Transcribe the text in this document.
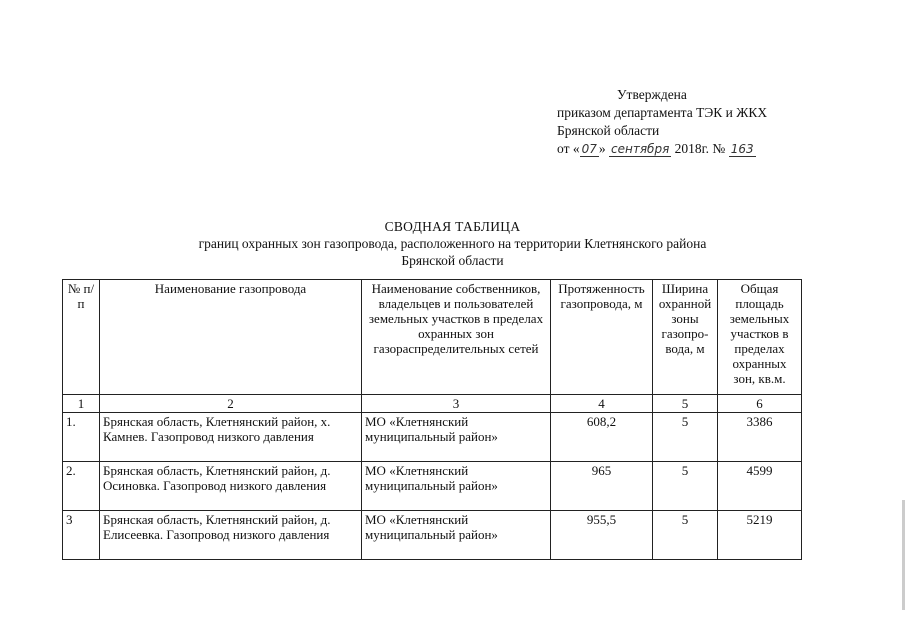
Утверждена
приказом департамента ТЭК и ЖКХ
Брянской области
от « 07 » сентября 2018г. № 163
СВОДНАЯ ТАБЛИЦА
границ охранных зон газопровода, расположенного на территории Клетнянского района
Брянской области
№ п/п	Наименование газопровода	Наименование собственников, владельцев и пользователей земельных участков в пределах охранных зон газораспределительных сетей	Протяженность газопровода, м	Ширина охранной зоны газопро-вода, м	Общая площадь земельных участков в пределах охранных зон, кв.м.
1	2	3	4	5	6
1.	Брянская область, Клетнянский район, х. Камнев. Газопровод низкого давления	МО «Клетнянский муниципальный район»	608,2	5	3386
2.	Брянская область, Клетнянский район, д. Осиновка. Газопровод низкого давления	МО «Клетнянский муниципальный район»	965	5	4599
3	Брянская область, Клетнянский район, д. Елисеевка. Газопровод низкого давления	МО «Клетнянский муниципальный район»	955,5	5	5219
